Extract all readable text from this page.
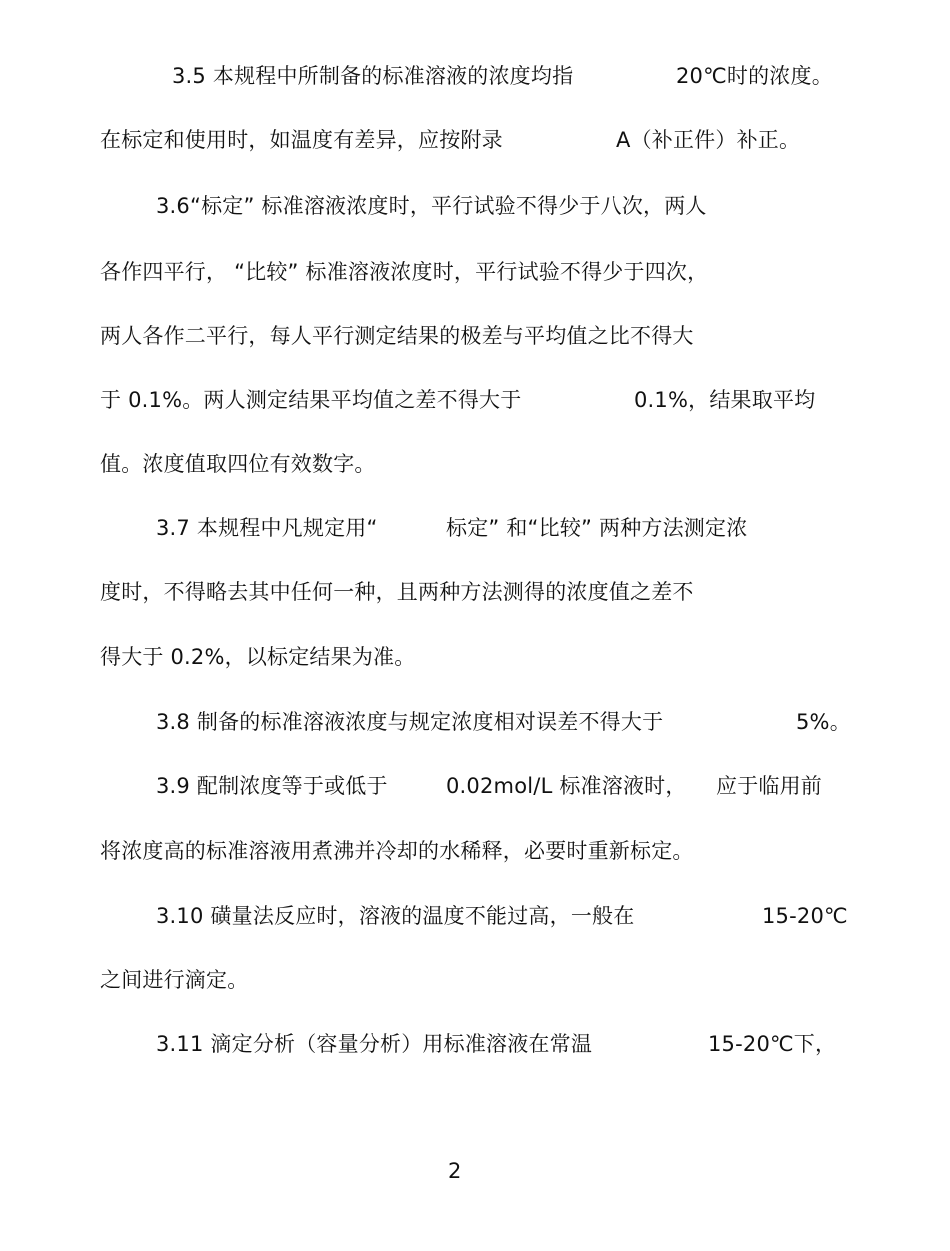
3.5 本规程中所制备的标准溶液的浓度均指	20℃时的浓度。
在标定和使用时，如温度有差异，应按附录	A（补正件）补正。
3.6“标定” 标准溶液浓度时，平行试验不得少于八次，两人
各作四平行， “比较” 标准溶液浓度时，平行试验不得少于四次，
两人各作二平行，每人平行测定结果的极差与平均值之比不得大
于 0.1%。两人测定结果平均值之差不得大于	0.1%，结果取平均
值。浓度值取四位有效数字。
3.7 本规程中凡规定用“	标定” 和“比较” 两种方法测定浓
度时，不得略去其中任何一种，且两种方法测得的浓度值之差不
得大于 0.2%，以标定结果为准。
3.8 制备的标准溶液浓度与规定浓度相对误差不得大于	5%。
3.9 配制浓度等于或低于	0.02mol/L 标准溶液时， 应于临用前
将浓度高的标准溶液用煮沸并冷却的水稀释，必要时重新标定。
3.10 磺量法反应时，溶液的温度不能过高，一般在	15-20℃
之间进行滴定。
3.11 滴定分析（容量分析）用标准溶液在常温	15-20℃下，
2
